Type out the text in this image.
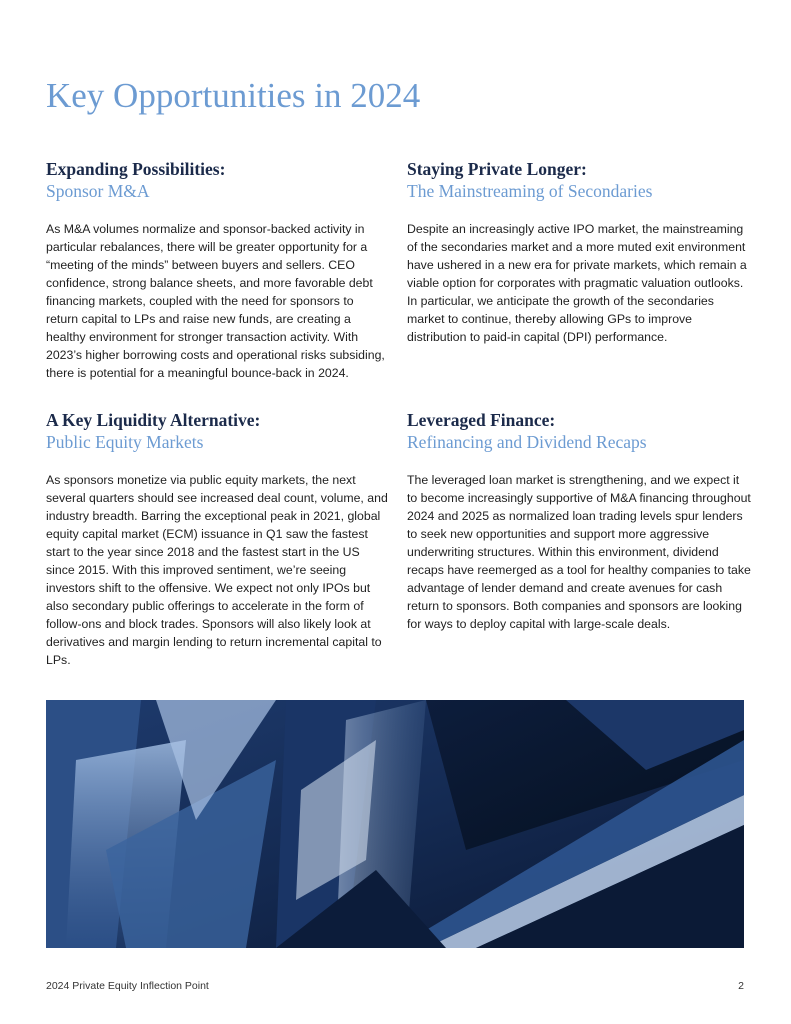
Key Opportunities in 2024
Expanding Possibilities:
Sponsor M&A

As M&A volumes normalize and sponsor-backed activity in particular rebalances, there will be greater opportunity for a “meeting of the minds” between buyers and sellers. CEO confidence, strong balance sheets, and more favorable debt financing markets, coupled with the need for sponsors to return capital to LPs and raise new funds, are creating a healthy environment for stronger transaction activity. With 2023’s higher borrowing costs and operational risks subsiding, there is potential for a meaningful bounce-back in 2024.

Staying Private Longer:
The Mainstreaming of Secondaries

Despite an increasingly active IPO market, the mainstreaming of the secondaries market and a more muted exit environment have ushered in a new era for private markets, which remain a viable option for corporates with pragmatic valuation outlooks. In particular, we anticipate the growth of the secondaries market to continue, thereby allowing GPs to improve distribution to paid-in capital (DPI) performance.

A Key Liquidity Alternative:
Public Equity Markets

As sponsors monetize via public equity markets, the next several quarters should see increased deal count, volume, and industry breadth. Barring the exceptional peak in 2021, global equity capital market (ECM) issuance in Q1 saw the fastest start to the year since 2018 and the fastest start in the US since 2015. With this improved sentiment, we’re seeing investors shift to the offensive. We expect not only IPOs but also secondary public offerings to accelerate in the form of follow-ons and block trades. Sponsors will also likely look at derivatives and margin lending to return incremental capital to LPs.

Leveraged Finance:
Refinancing and Dividend Recaps

The leveraged loan market is strengthening, and we expect it to become increasingly supportive of M&A financing throughout 2024 and 2025 as normalized loan trading levels spur lenders to seek new opportunities and support more aggressive underwriting structures. Within this environment, dividend recaps have reemerged as a tool for healthy companies to take advantage of lender demand and create avenues for cash return to sponsors. Both companies and sponsors are looking for ways to deploy capital with large-scale deals.

2024 Private Equity Inflection Point	2
